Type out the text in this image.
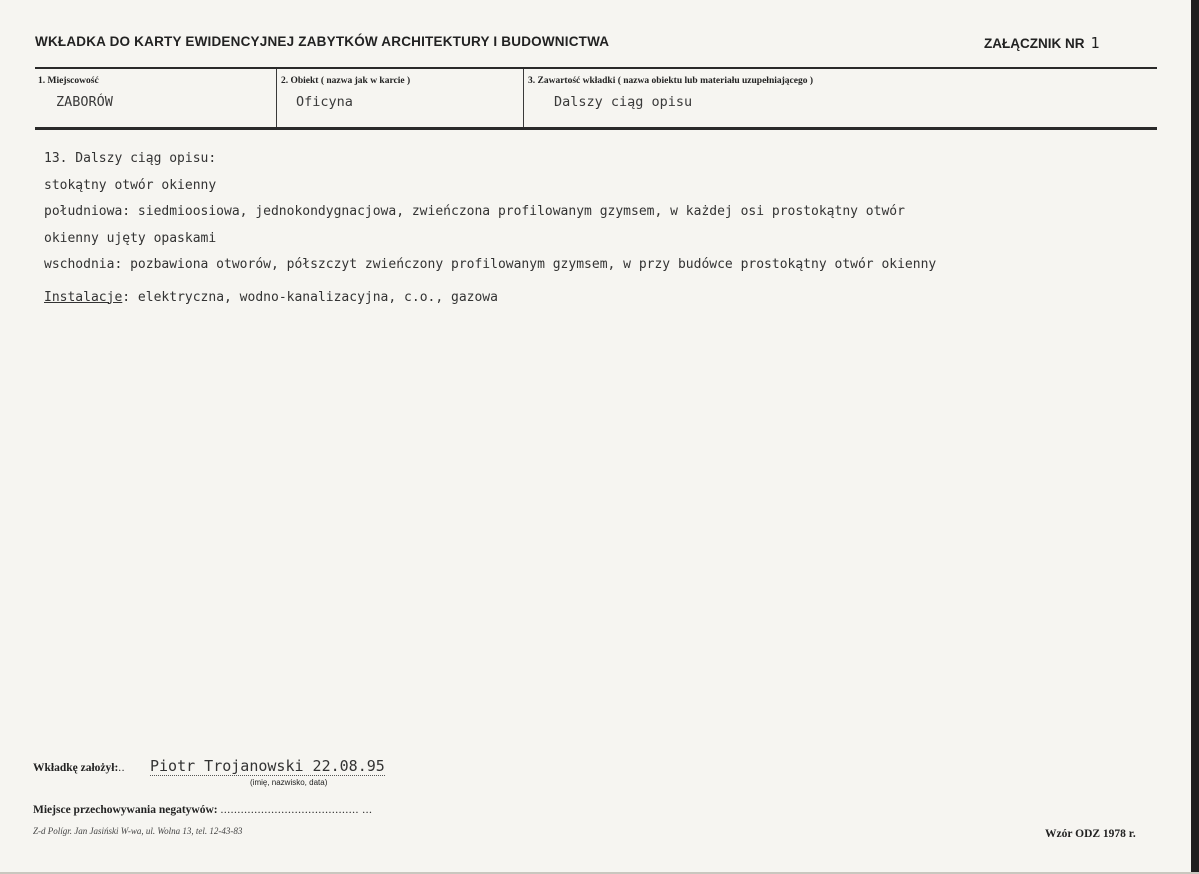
WKŁADKA DO KARTY EWIDENCYJNEJ ZABYTKÓW ARCHITEKTURY I BUDOWNICTWA	ZAŁĄCZNIK NR 1
1. Miejscowość
ZABORÓW
2. Obiekt ( nazwa jak w karcie )
Oficyna
3. Zawartość wkładki ( nazwa obiektu lub materiału uzupełniającego )
Dalszy ciąg opisu
13. Dalszy ciąg opisu:
stokątny otwór okienny
południowa: siedmioosiowa, jednokondygnacjowa, zwieńczona profilowanym gzymsem, w każdej osi prostokątny otwór
okienny ujęty opaskami
wschodnia: pozbawiona otworów, półszczyt zwieńczony profilowanym gzymsem, w przy budówce prostokątny otwór okienny
Instalacje: elektryczna, wodno-kanalizacyjna, c.o., gazowa
Wkładkę założył:.. Piotr Trojanowski 22.08.95
(imię, nazwisko, data)
Miejsce przechowywania negatywów: ......................................... ...
Z-d Polígr. Jan Jasiński W-wa, ul. Wolna 13, tel. 12-43-83	Wzór ODZ 1978 r.
